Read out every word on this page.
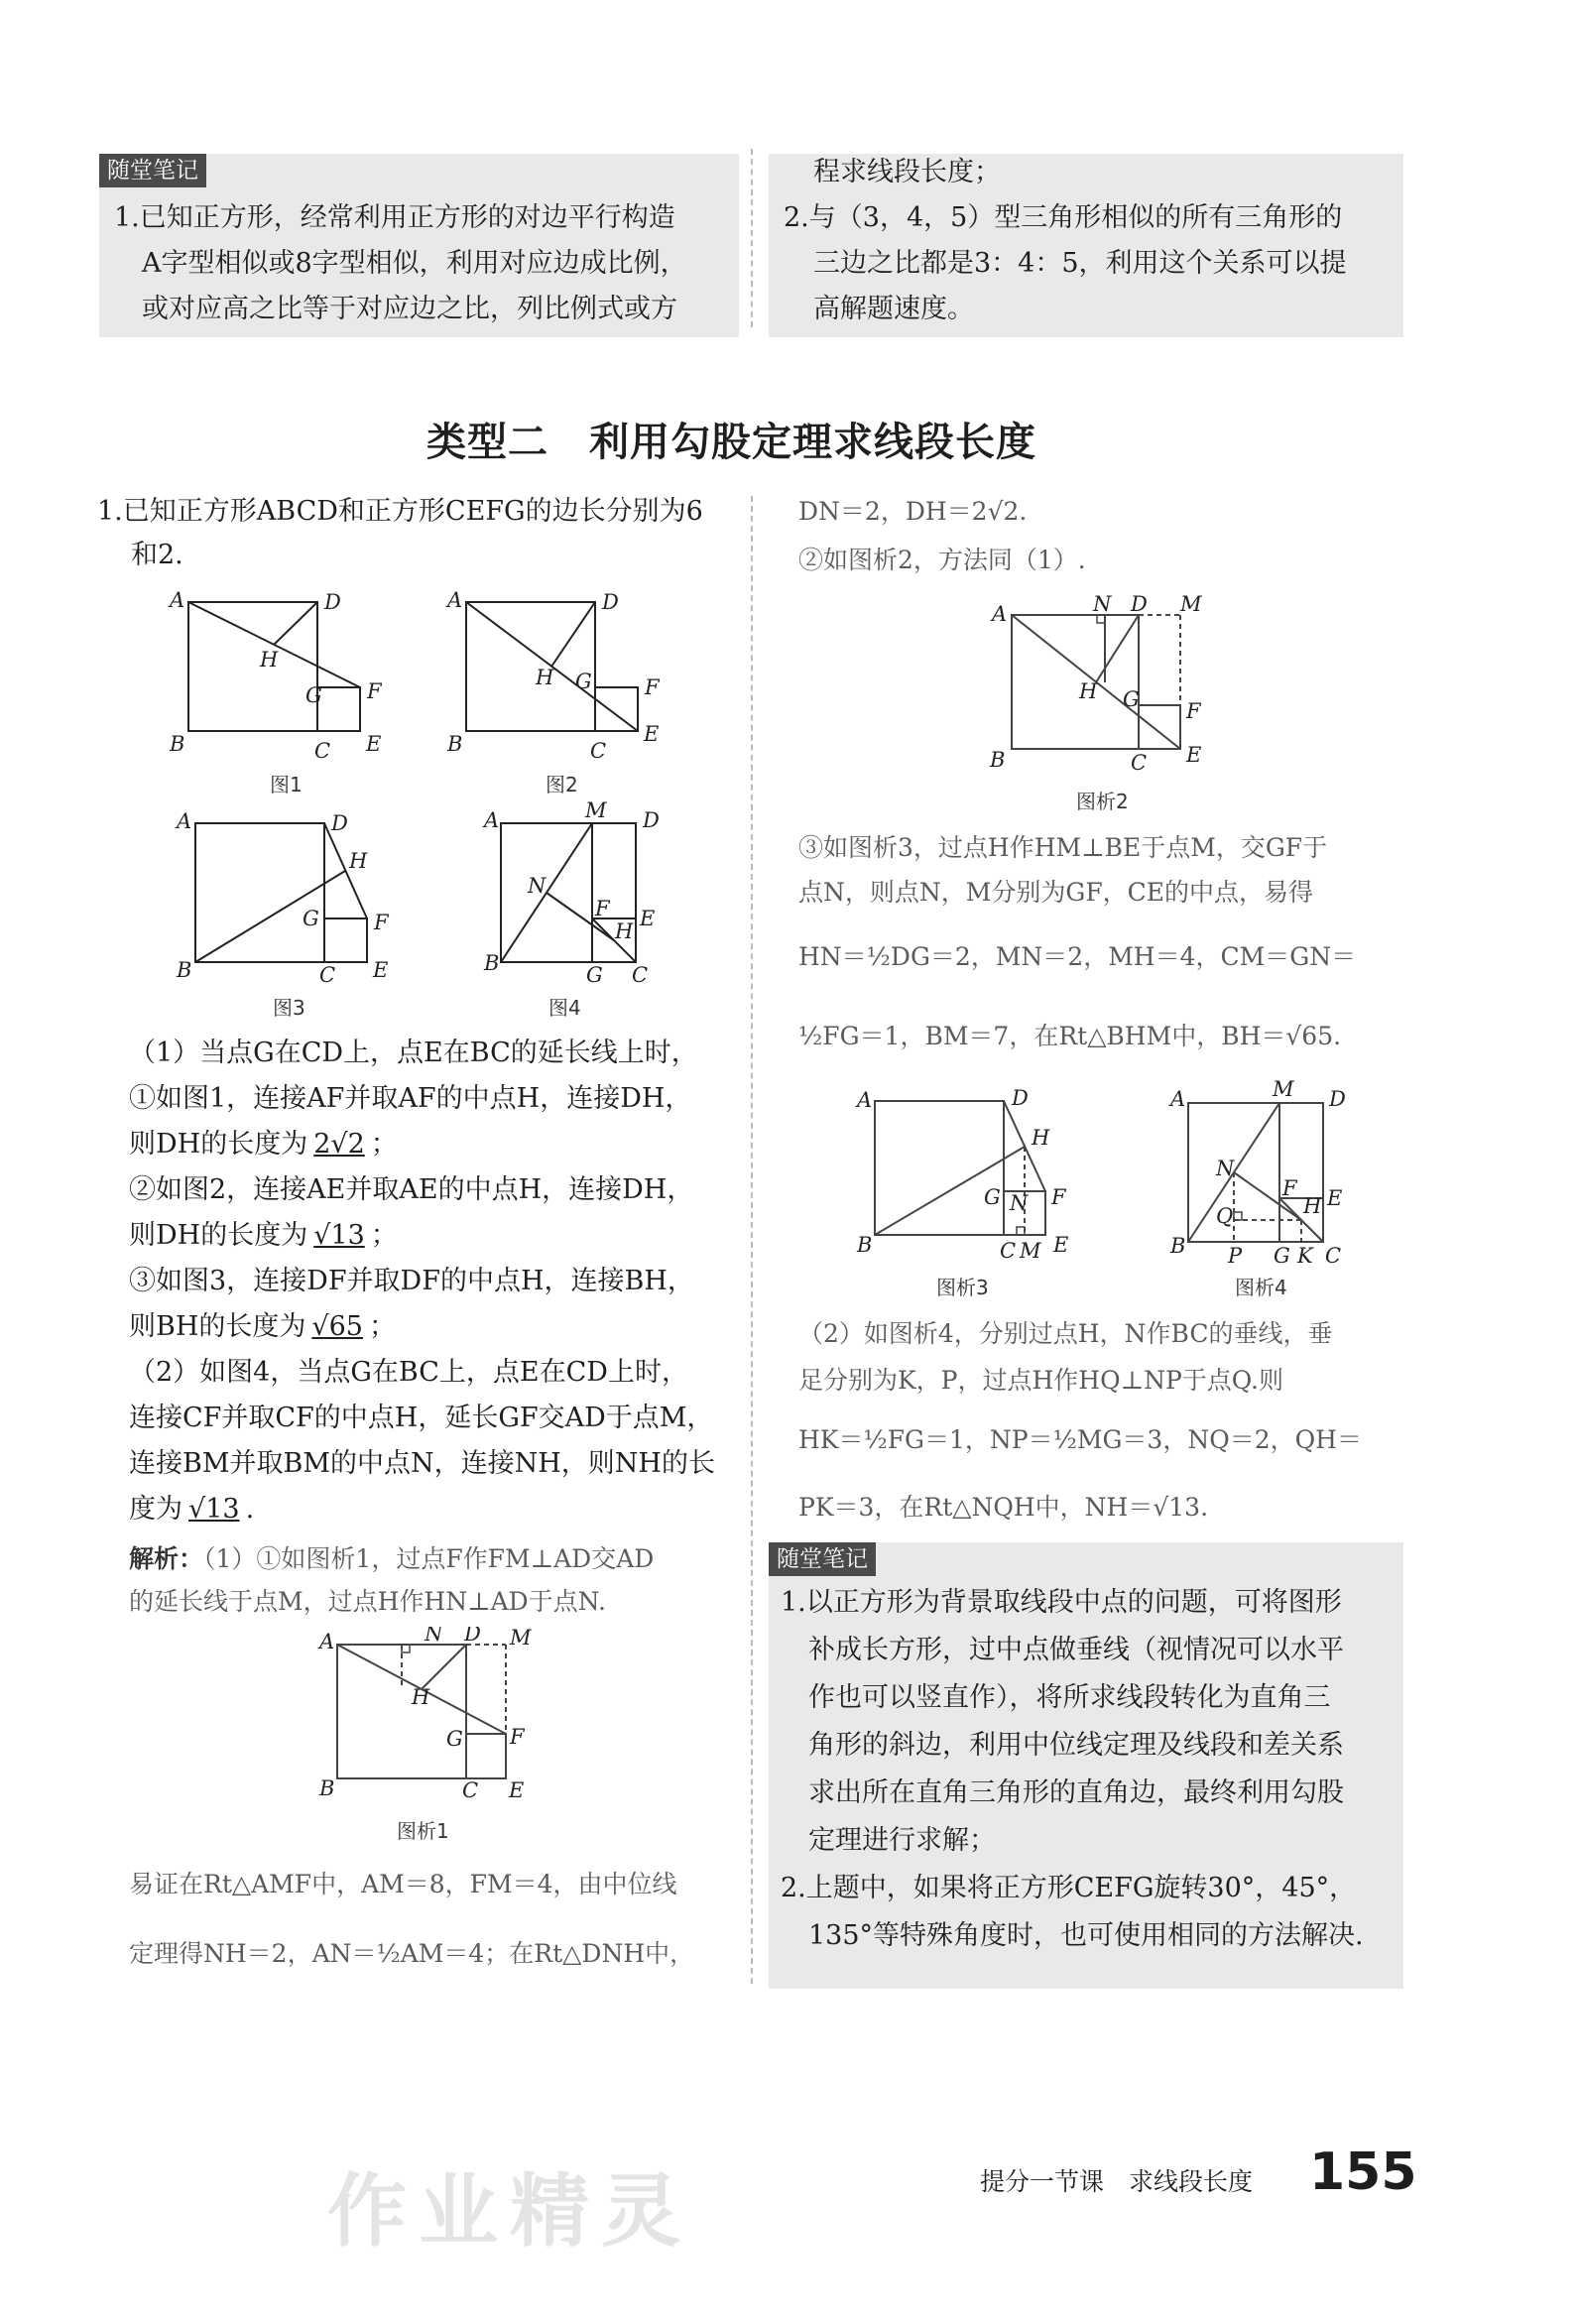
随堂笔记
1.已知正方形，经常利用正方形的对边平行构造
A字型相似或8字型相似，利用对应边成比例，
或对应高之比等于对应边之比，列比例式或方
程求线段长度；
2.与（3，4，5）型三角形相似的所有三角形的
三边之比都是3：4：5，利用这个关系可以提
高解题速度。
类型二　利用勾股定理求线段长度
1.已知正方形ABCD和正方形CEFG的边长分别为6
和2.
A	D
H
G F
B	C E
图1
A	D
H G	F
B	C
E
图2
A	D
H
G	F
B	C E
图3
A	M D
N
F
H
E
B	G C
图4
（1）当点G在CD上，点E在BC的延长线上时，
①如图1，连接AF并取AF的中点H，连接DH，
则DH的长度为 2√2 ；
②如图2，连接AE并取AE的中点H，连接DH，
则DH的长度为 √13 ；
③如图3，连接DF并取DF的中点H，连接BH，
则BH的长度为 √65 ；
（2）如图4，当点G在BC上，点E在CD上时，
连接CF并取CF的中点H，延长GF交AD于点M，
连接BM并取BM的中点N，连接NH，则NH的长
度为 √13 .
解析：（1）①如图析1，过点F作FM⊥AD交AD
的延长线于点M，过点H作HN⊥AD于点N.
A	N D M
H
G F
B	C E
图析1
易证在Rt△AMF中，AM＝8，FM＝4，由中位线
定理得NH＝2，AN＝½AM＝4；在Rt△DNH中，
DN＝2，DH＝2√2.
②如图析2，方法同（1）.
A	N D M
H G F
B	C E
图析2
③如图析3，过点H作HM⊥BE于点M，交GF于
点N，则点N，M分别为GF，CE的中点，易得
HN＝½DG＝2，MN＝2，MH＝4，CM＝GN＝
½FG＝1，BM＝7，在Rt△BHM中，BH＝√65.
A	D
H
G N F
B	C M E
图析3
A	M D
N
F
H
Q
E
B P G K C
图析4
（2）如图析4，分别过点H，N作BC的垂线，垂
足分别为K，P，过点H作HQ⊥NP于点Q.则
HK＝½FG＝1，NP＝½MG＝3，NQ＝2，QH＝
PK＝3，在Rt△NQH中，NH＝√13.
随堂笔记
1.以正方形为背景取线段中点的问题，可将图形
补成长方形，过中点做垂线（视情况可以水平
作也可以竖直作），将所求线段转化为直角三
角形的斜边，利用中位线定理及线段和差关系
求出所在直角三角形的直角边，最终利用勾股
定理进行求解；
2.上题中，如果将正方形CEFG旋转30°，45°，
135°等特殊角度时，也可使用相同的方法解决.
作业精灵	提分一节课　求线段长度 155
